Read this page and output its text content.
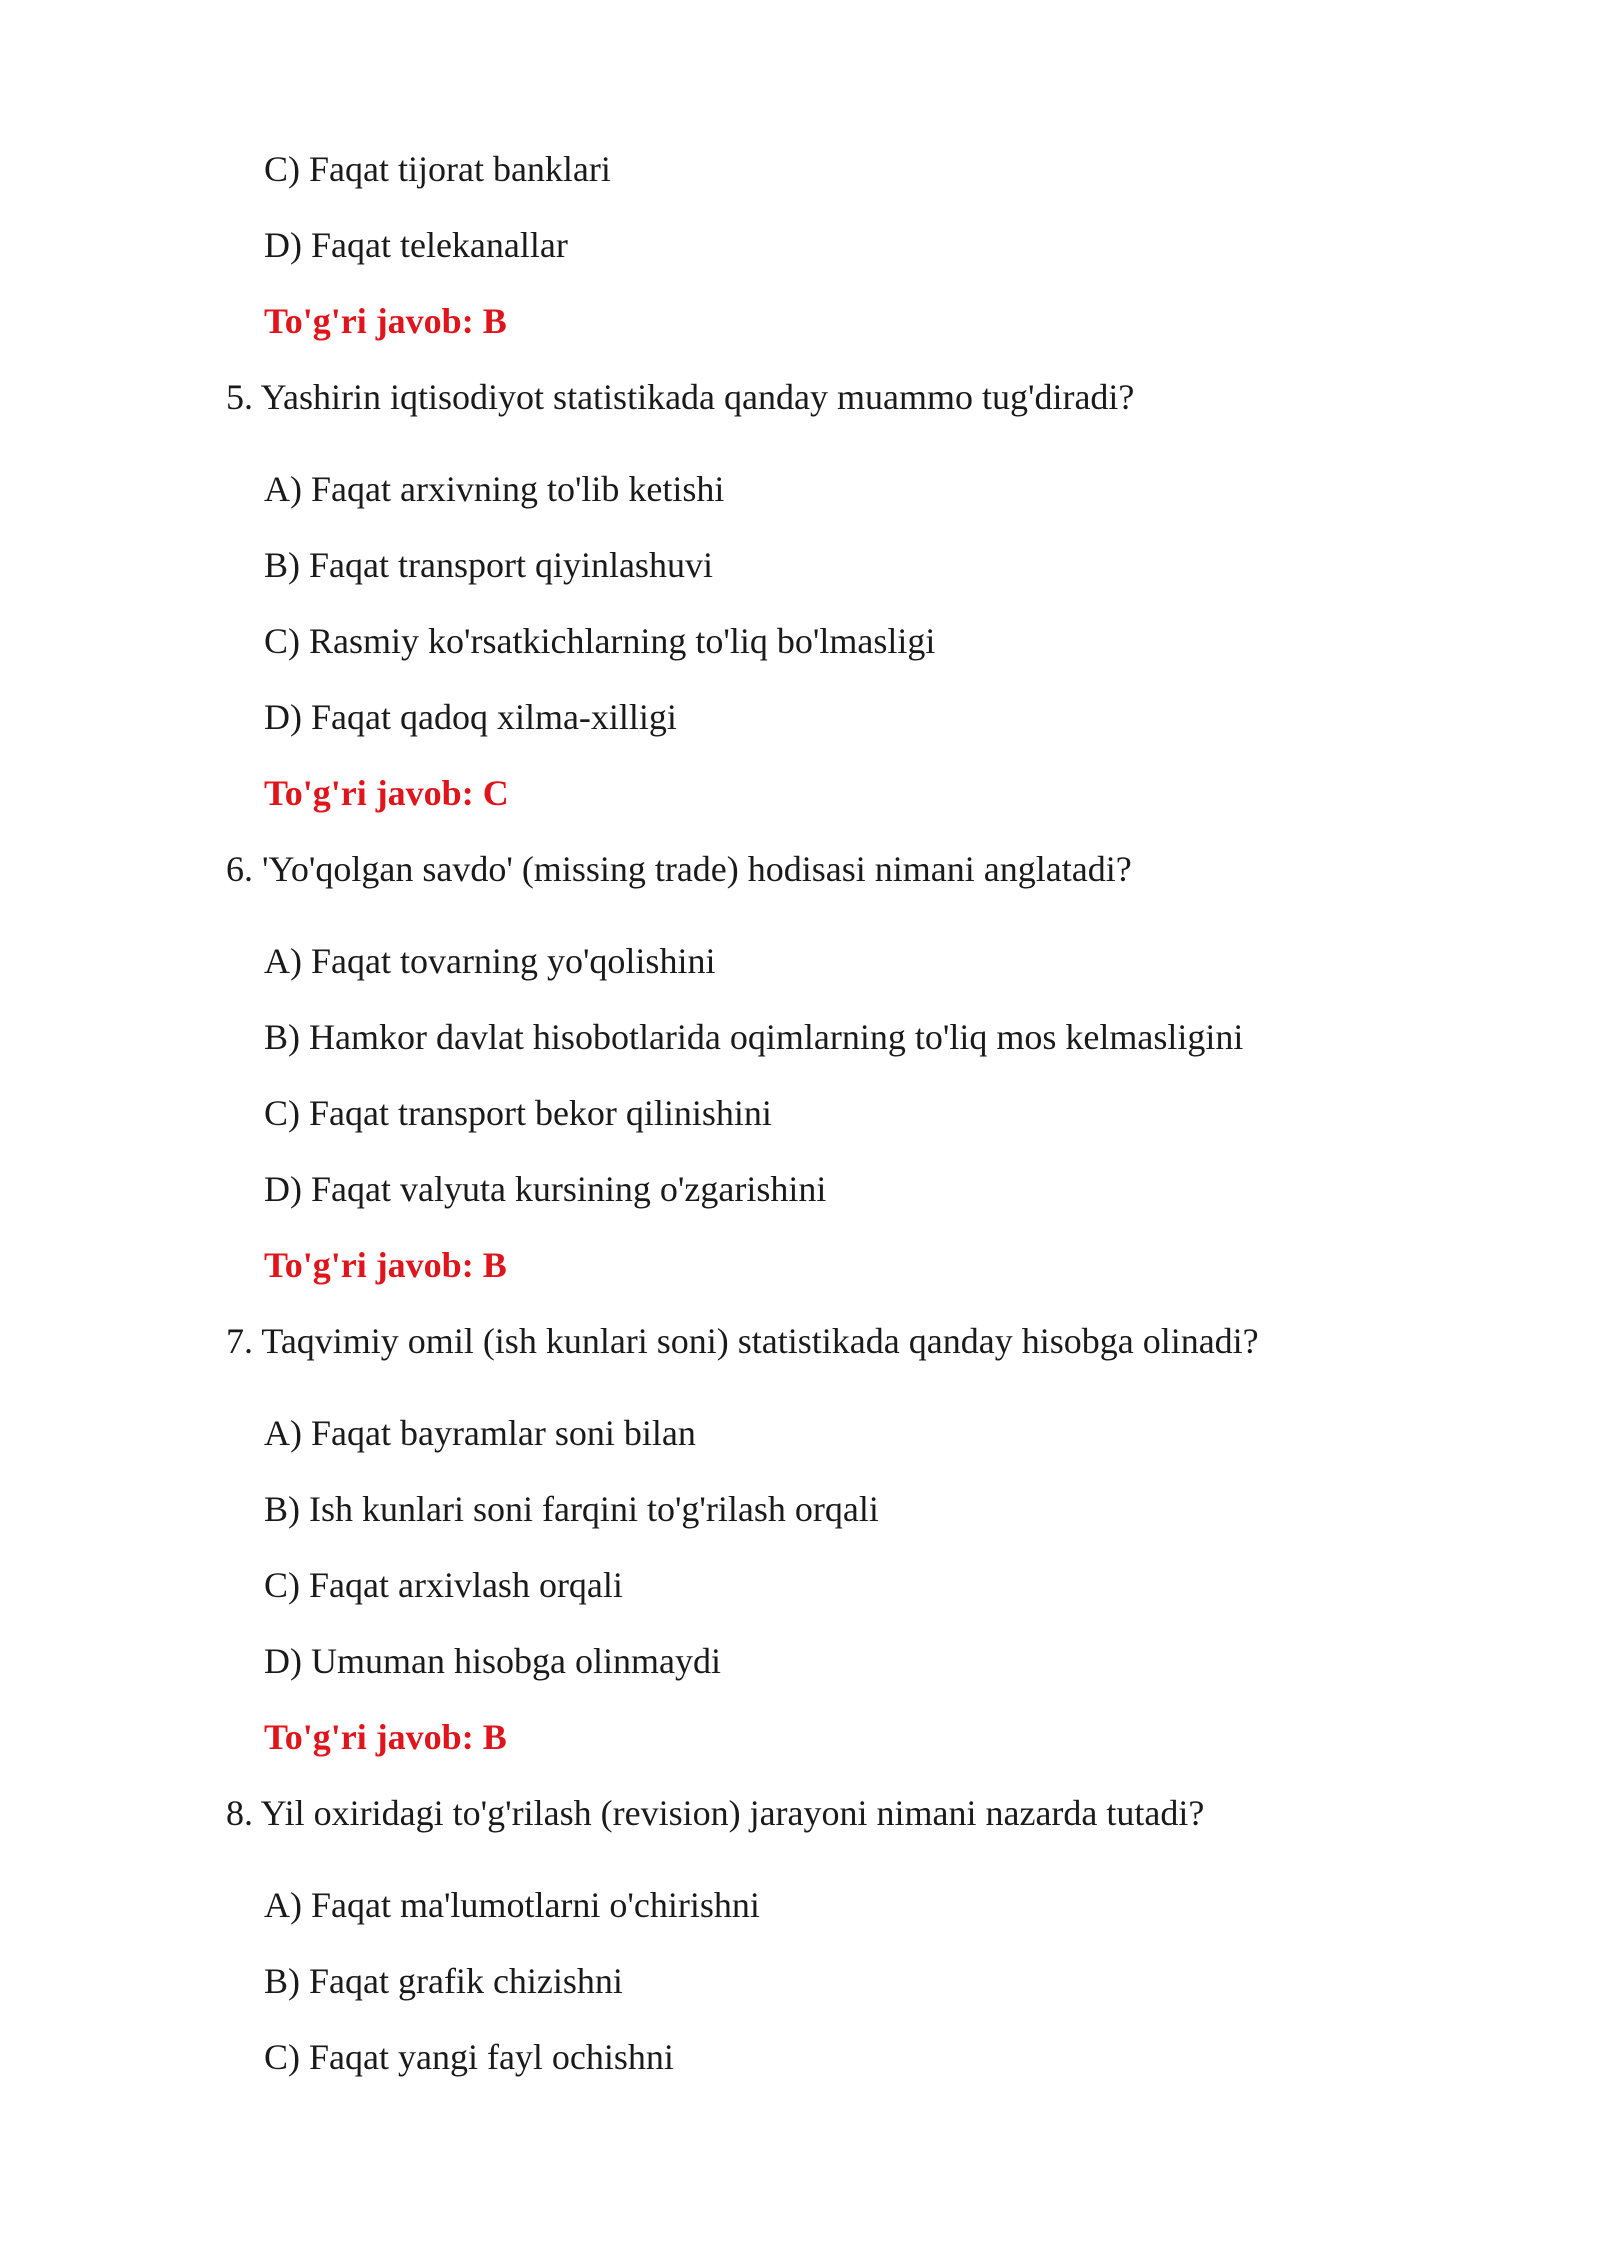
C) Faqat tijorat banklari
D) Faqat telekanallar
To'g'ri javob: B
5. Yashirin iqtisodiyot statistikada qanday muammo tug'diradi?
A) Faqat arxivning to'lib ketishi
B) Faqat transport qiyinlashuvi
C) Rasmiy ko'rsatkichlarning to'liq bo'lmasligi
D) Faqat qadoq xilma-xilligi
To'g'ri javob: C
6. 'Yo'qolgan savdo' (missing trade) hodisasi nimani anglatadi?
A) Faqat tovarning yo'qolishini
B) Hamkor davlat hisobotlarida oqimlarning to'liq mos kelmasligini
C) Faqat transport bekor qilinishini
D) Faqat valyuta kursining o'zgarishini
To'g'ri javob: B
7. Taqvimiy omil (ish kunlari soni) statistikada qanday hisobga olinadi?
A) Faqat bayramlar soni bilan
B) Ish kunlari soni farqini to'g'rilash orqali
C) Faqat arxivlash orqali
D) Umuman hisobga olinmaydi
To'g'ri javob: B
8. Yil oxiridagi to'g'rilash (revision) jarayoni nimani nazarda tutadi?
A) Faqat ma'lumotlarni o'chirishni
B) Faqat grafik chizishni
C) Faqat yangi fayl ochishni
